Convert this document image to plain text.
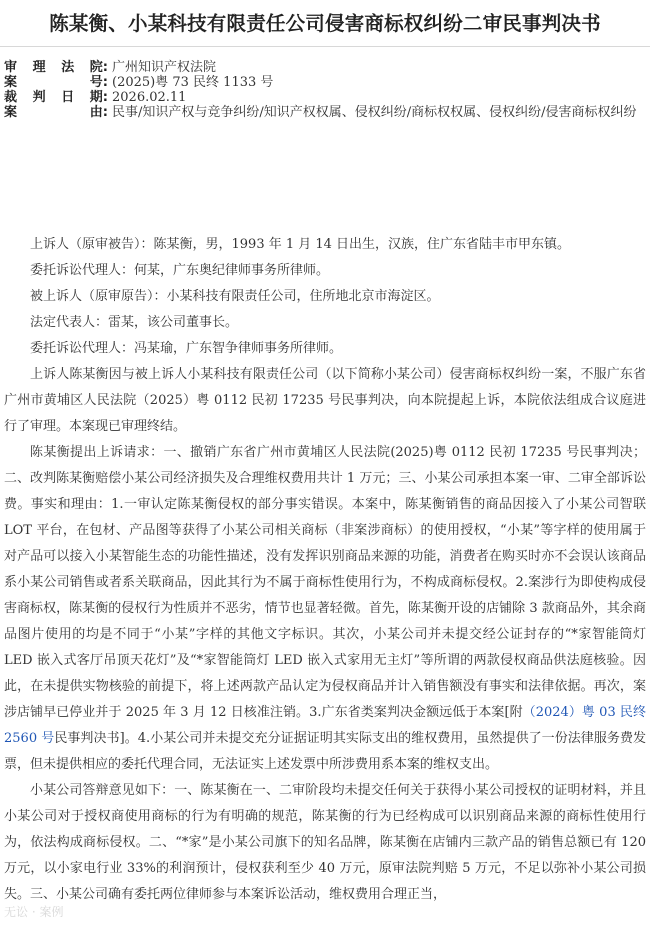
陈某衡、小某科技有限责任公司侵害商标权纠纷二审民事判决书
审 理 法 院: 广州知识产权法院
案	号: (2025)粤 73 民终 1133 号
裁 判 日 期: 2026.02.11
案	由: 民事/知识产权与竞争纠纷/知识产权权属、侵权纠纷/商标权权属、侵权纠纷/侵害商标权纠纷

上诉人（原审被告）：陈某衡，男，1993 年 1 月 14 日出生，汉族，住广东省陆丰市甲东镇。

委托诉讼代理人：何某，广东奥纪律师事务所律师。

被上诉人（原审原告）：小某科技有限责任公司，住所地北京市海淀区。

法定代表人：雷某，该公司董事长。

委托诉讼代理人：冯某瑜，广东智争律师事务所律师。

上诉人陈某衡因与被上诉人小某科技有限责任公司（以下简称小某公司）侵害商标权纠纷一案，不服广东省广州市黄埔区人民法院（2025）粤 0112 民初 17235 号民事判决，向本院提起上诉，本院依法组成合议庭进行了审理。本案现已审理终结。

陈某衡提出上诉请求：一、撤销广东省广州市黄埔区人民法院(2025)粤 0112 民初 17235 号民事判决；二、改判陈某衡赔偿小某公司经济损失及合理维权费用共计 1 万元；三、小某公司承担本案一审、二审全部诉讼费。事实和理由：1.一审认定陈某衡侵权的部分事实错误。本案中，陈某衡销售的商品因接入了小某公司智联 LOT 平台，在包材、产品图等获得了小某公司相关商标（非案涉商标）的使用授权，“小某”等字样的使用属于对产品可以接入小某智能生态的功能性描述，没有发挥识别商品来源的功能，消费者在购买时亦不会误认该商品系小某公司销售或者系关联商品，因此其行为不属于商标性使用行为，不构成商标侵权。2.案涉行为即使构成侵害商标权，陈某衡的侵权行为性质并不恶劣，情节也显著轻微。首先，陈某衡开设的店铺除 3 款商品外，其余商品图片使用的均是不同于“小某”字样的其他文字标识。其次，小某公司并未提交经公证封存的“*家智能筒灯 LED 嵌入式客厅吊顶天花灯”及“*家智能筒灯 LED 嵌入式家用无主灯”等所谓的两款侵权商品供法庭核验。因此，在未提供实物核验的前提下，将上述两款产品认定为侵权商品并计入销售额没有事实和法律依据。再次，案涉店铺早已停业并于 2025 年 3 月 12 日核准注销。3.广东省类案判决金额远低于本案[附（2024）粤 03 民终 2560 号民事判决书]。4.小某公司并未提交充分证据证明其实际支出的维权费用，虽然提供了一份法律服务费发票，但未提供相应的委托代理合同，无法证实上述发票中所涉费用系本案的维权支出。

小某公司答辩意见如下：一、陈某衡在一、二审阶段均未提交任何关于获得小某公司授权的证明材料，并且小某公司对于授权商使用商标的行为有明确的规范，陈某衡的行为已经构成可以识别商品来源的商标性使用行为，依法构成商标侵权。二、“*家”是小某公司旗下的知名品牌，陈某衡在店铺内三款产品的销售总额已有 120 万元，以小家电行业 33%的利润预计，侵权获利至少 40 万元，原审法院判赔 5 万元，不足以弥补小某公司损失。三、小某公司确有委托两位律师参与本案诉讼活动，维权费用合理正当，

无讼 · 案例
